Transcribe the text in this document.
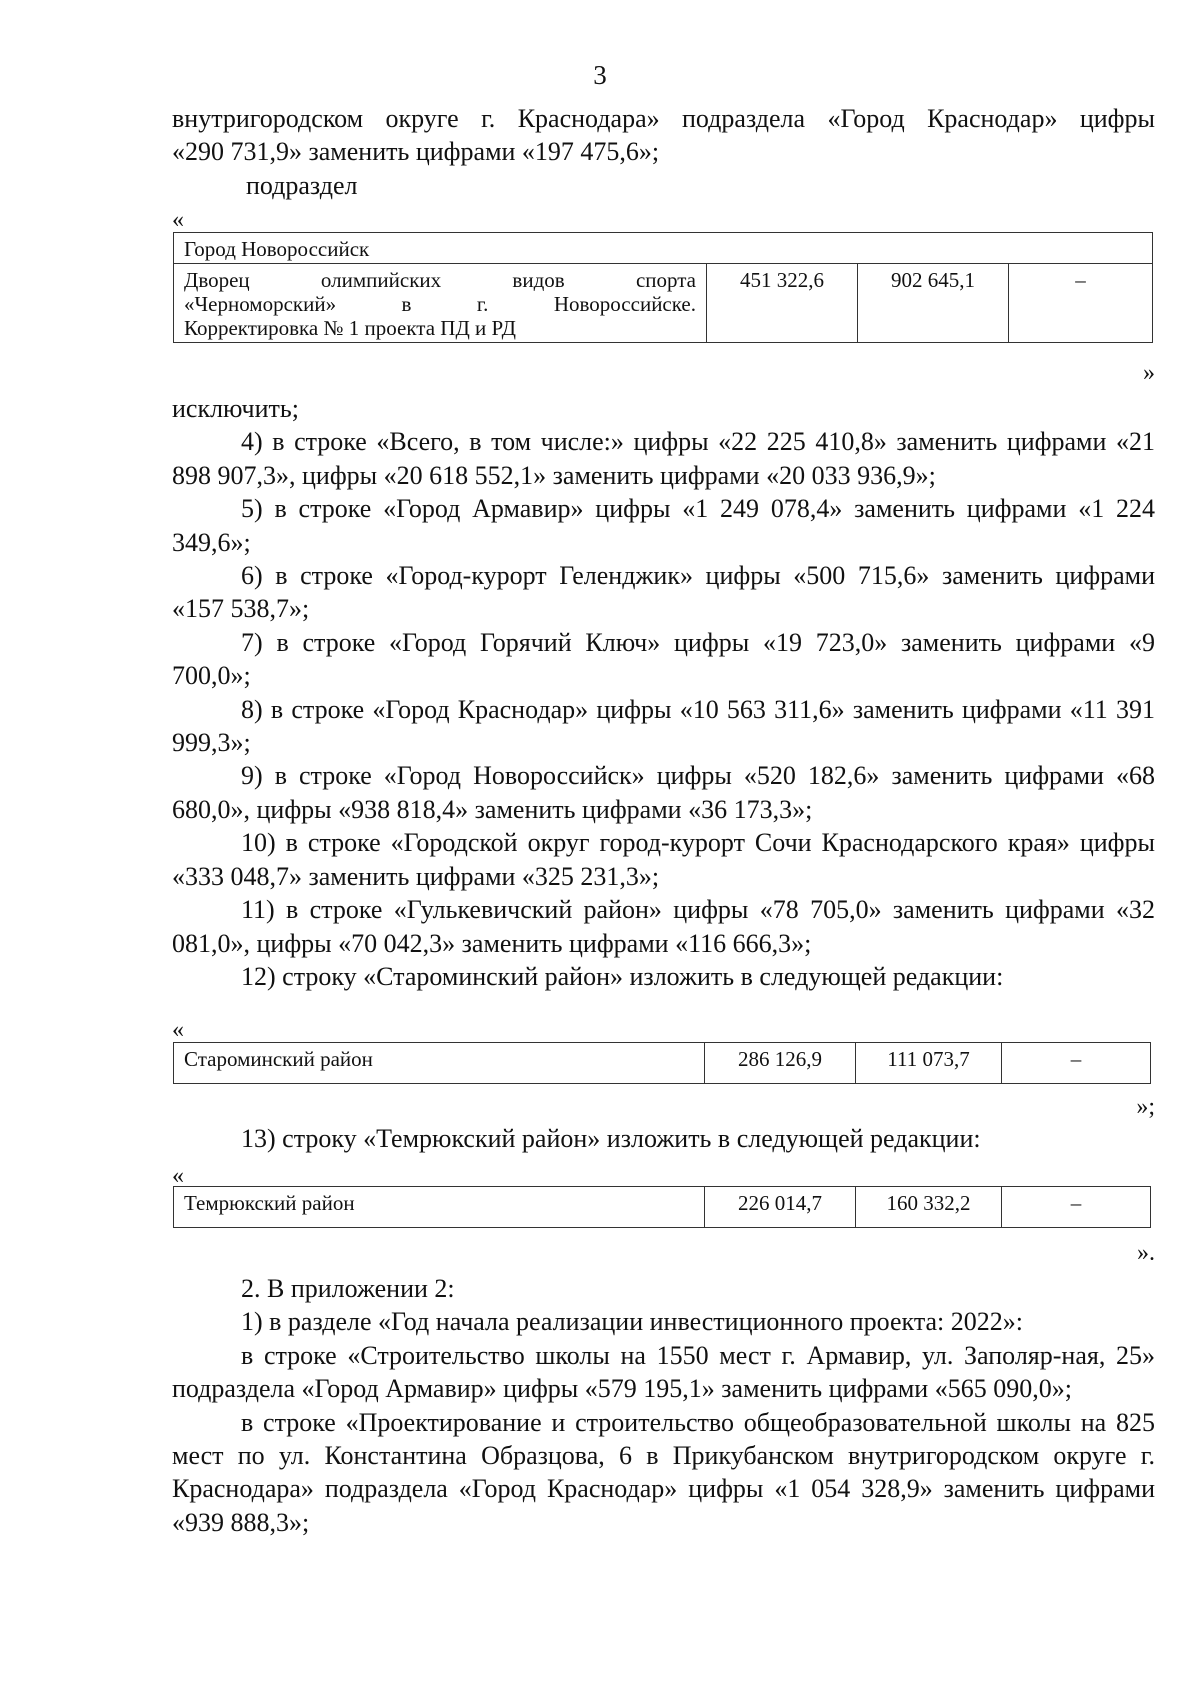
3

внутригородском округе г. Краснодара» подраздела «Город Краснодар» цифры

«290 731,9» заменить цифрами «197 475,6»;

подраздел
«
Город Новороссийск

Дворец олимпийских видов спорта
«Черноморский» в г. Новороссийске.
Корректировка № 1 проекта ПД и РД
	451 322,6	902 645,1	–
»

исключить;

4) в строке «Всего, в том числе:» цифры «22 225 410,8» заменить цифрами «21 898 907,3», цифры «20 618 552,1» заменить цифрами «20 033 936,9»;

5) в строке «Город Армавир» цифры «1 249 078,4» заменить цифрами «1 224 349,6»;

6) в строке «Город-курорт Геленджик» цифры «500 715,6» заменить цифрами «157 538,7»;

7) в строке «Город Горячий Ключ» цифры «19 723,0» заменить цифрами «9 700,0»;

8) в строке «Город Краснодар» цифры «10 563 311,6» заменить цифрами «11 391 999,3»;

9) в строке «Город Новороссийск» цифры «520 182,6» заменить цифрами «68 680,0», цифры «938 818,4» заменить цифрами «36 173,3»;

10) в строке «Городской округ город-курорт Сочи Краснодарского края» цифры «333 048,7» заменить цифрами «325 231,3»;

11) в строке «Гулькевичский район» цифры «78 705,0» заменить цифрами «32 081,0», цифры «70 042,3» заменить цифрами «116 666,3»;

12) строку «Староминский район» изложить в следующей редакции:

«
Староминский район	286 126,9	111 073,7	–
»;

13) строку «Темрюкский район» изложить в следующей редакции:

«
Темрюкский район	226 014,7	160 332,2	–
».

2. В приложении 2:

1) в разделе «Год начала реализации инвестиционного проекта: 2022»:

в строке «Строительство школы на 1550 мест г. Армавир, ул. Заполяр-ная, 25» подраздела «Город Армавир» цифры «579 195,1» заменить цифрами «565 090,0»;

в строке «Проектирование и строительство общеобразовательной школы на 825 мест по ул. Константина Образцова, 6 в Прикубанском внутригородском округе г. Краснодара» подраздела «Город Краснодар» цифры «1 054 328,9» заменить цифрами «939 888,3»;
